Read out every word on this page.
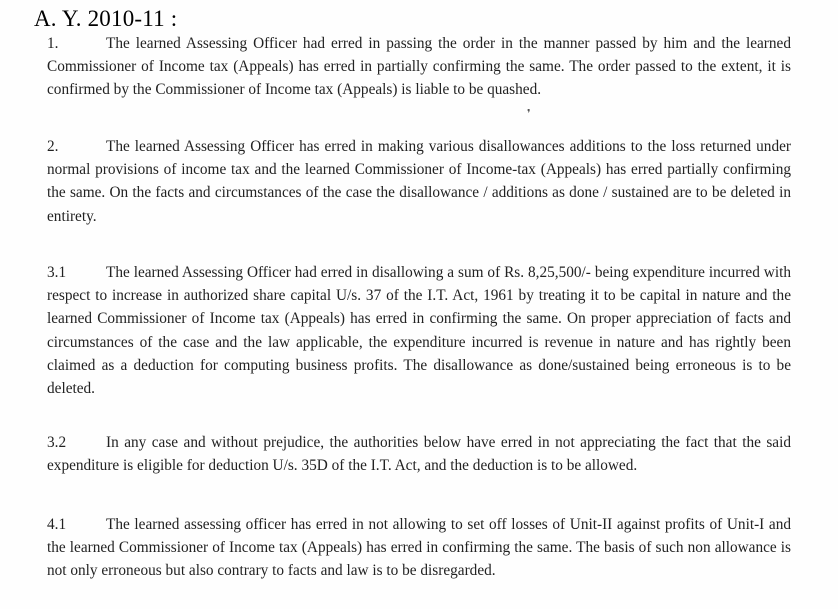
A. Y. 2010-11 :

1.	The learned Assessing Officer had erred in passing the order in the manner passed by him and the learned Commissioner of Income tax (Appeals) has erred in partially confirming the same. The order passed to the extent, it is confirmed by the Commissioner of Income tax (Appeals) is liable to be quashed.

❜

2.	The learned Assessing Officer has erred in making various disallowances additions to the loss returned under normal provisions of income tax and the learned Commissioner of Income-tax (Appeals) has erred partially confirming the same. On the facts and circumstances of the case the disallowance / additions as done / sustained are to be deleted in entirety.

3.1	The learned Assessing Officer had erred in disallowing a sum of Rs. 8,25,500/- being expenditure incurred with respect to increase in authorized share capital U/s. 37 of the I.T. Act, 1961 by treating it to be capital in nature and the learned Commissioner of Income tax (Appeals) has erred in confirming the same. On proper appreciation of facts and circumstances of the case and the law applicable, the expenditure incurred is revenue in nature and has rightly been claimed as a deduction for computing business profits. The disallowance as done/sustained being erroneous is to be deleted.

3.2	In any case and without prejudice, the authorities below have erred in not appreciating the fact that the said expenditure is eligible for deduction U/s. 35D of the I.T. Act, and the deduction is to be allowed.

4.1	The learned assessing officer has erred in not allowing to set off losses of Unit-II against profits of Unit-I and the learned Commissioner of Income tax (Appeals) has erred in confirming the same. The basis of such non allowance is not only erroneous but also contrary to facts and law is to be disregarded.
